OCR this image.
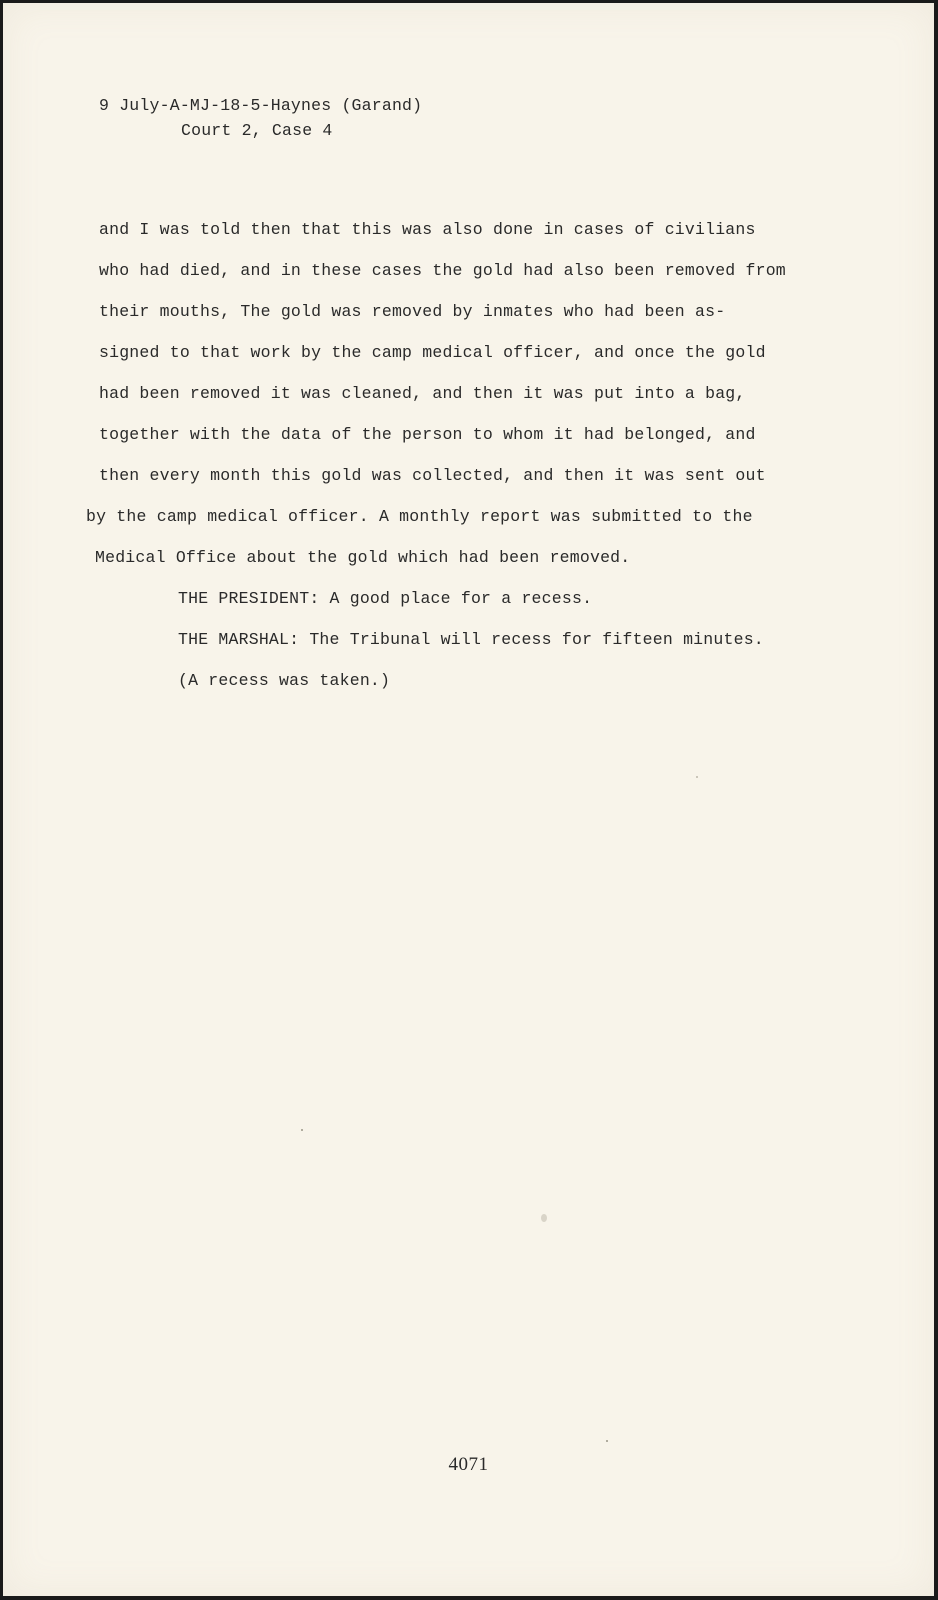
9 July-A-MJ-18-5-Haynes (Garand)

Court 2, Case 4

and I was told then that this was also done in cases of civilians

who had died, and in these cases the gold had also been removed from

their mouths, The gold was removed by inmates who had been as-

signed to that work by the camp medical officer, and once the gold

had been removed it was cleaned, and then it was put into a bag,

together with the data of the person to whom it had belonged, and

then every month this gold was collected, and then it was sent out

by the camp medical officer. A monthly report was submitted to the

Medical Office about the gold which had been removed.

THE PRESIDENT: A good place for a recess.

THE MARSHAL: The Tribunal will recess for fifteen minutes.

(A recess was taken.)

4071
